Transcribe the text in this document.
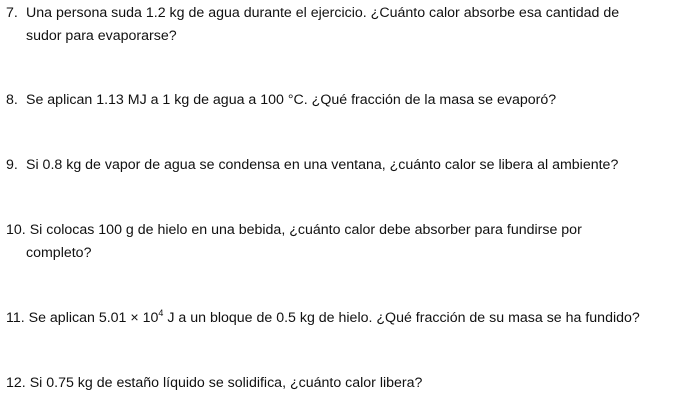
7. Una persona suda 1.2 kg de agua durante el ejercicio. ¿Cuánto calor absorbe esa cantidad de
sudor para evaporarse?
8. Se aplican 1.13 MJ a 1 kg de agua a 100 °C. ¿Qué fracción de la masa se evaporó?
9. Si 0.8 kg de vapor de agua se condensa en una ventana, ¿cuánto calor se libera al ambiente?
10. Si colocas 100 g de hielo en una bebida, ¿cuánto calor debe absorber para fundirse por
completo?
11. Se aplican $5.01 \times 10^4$ J a un bloque de 0.5 kg de hielo. ¿Qué fracción de su masa se ha fundido?
12. Si 0.75 kg de estaño líquido se solidifica, ¿cuánto calor libera?
